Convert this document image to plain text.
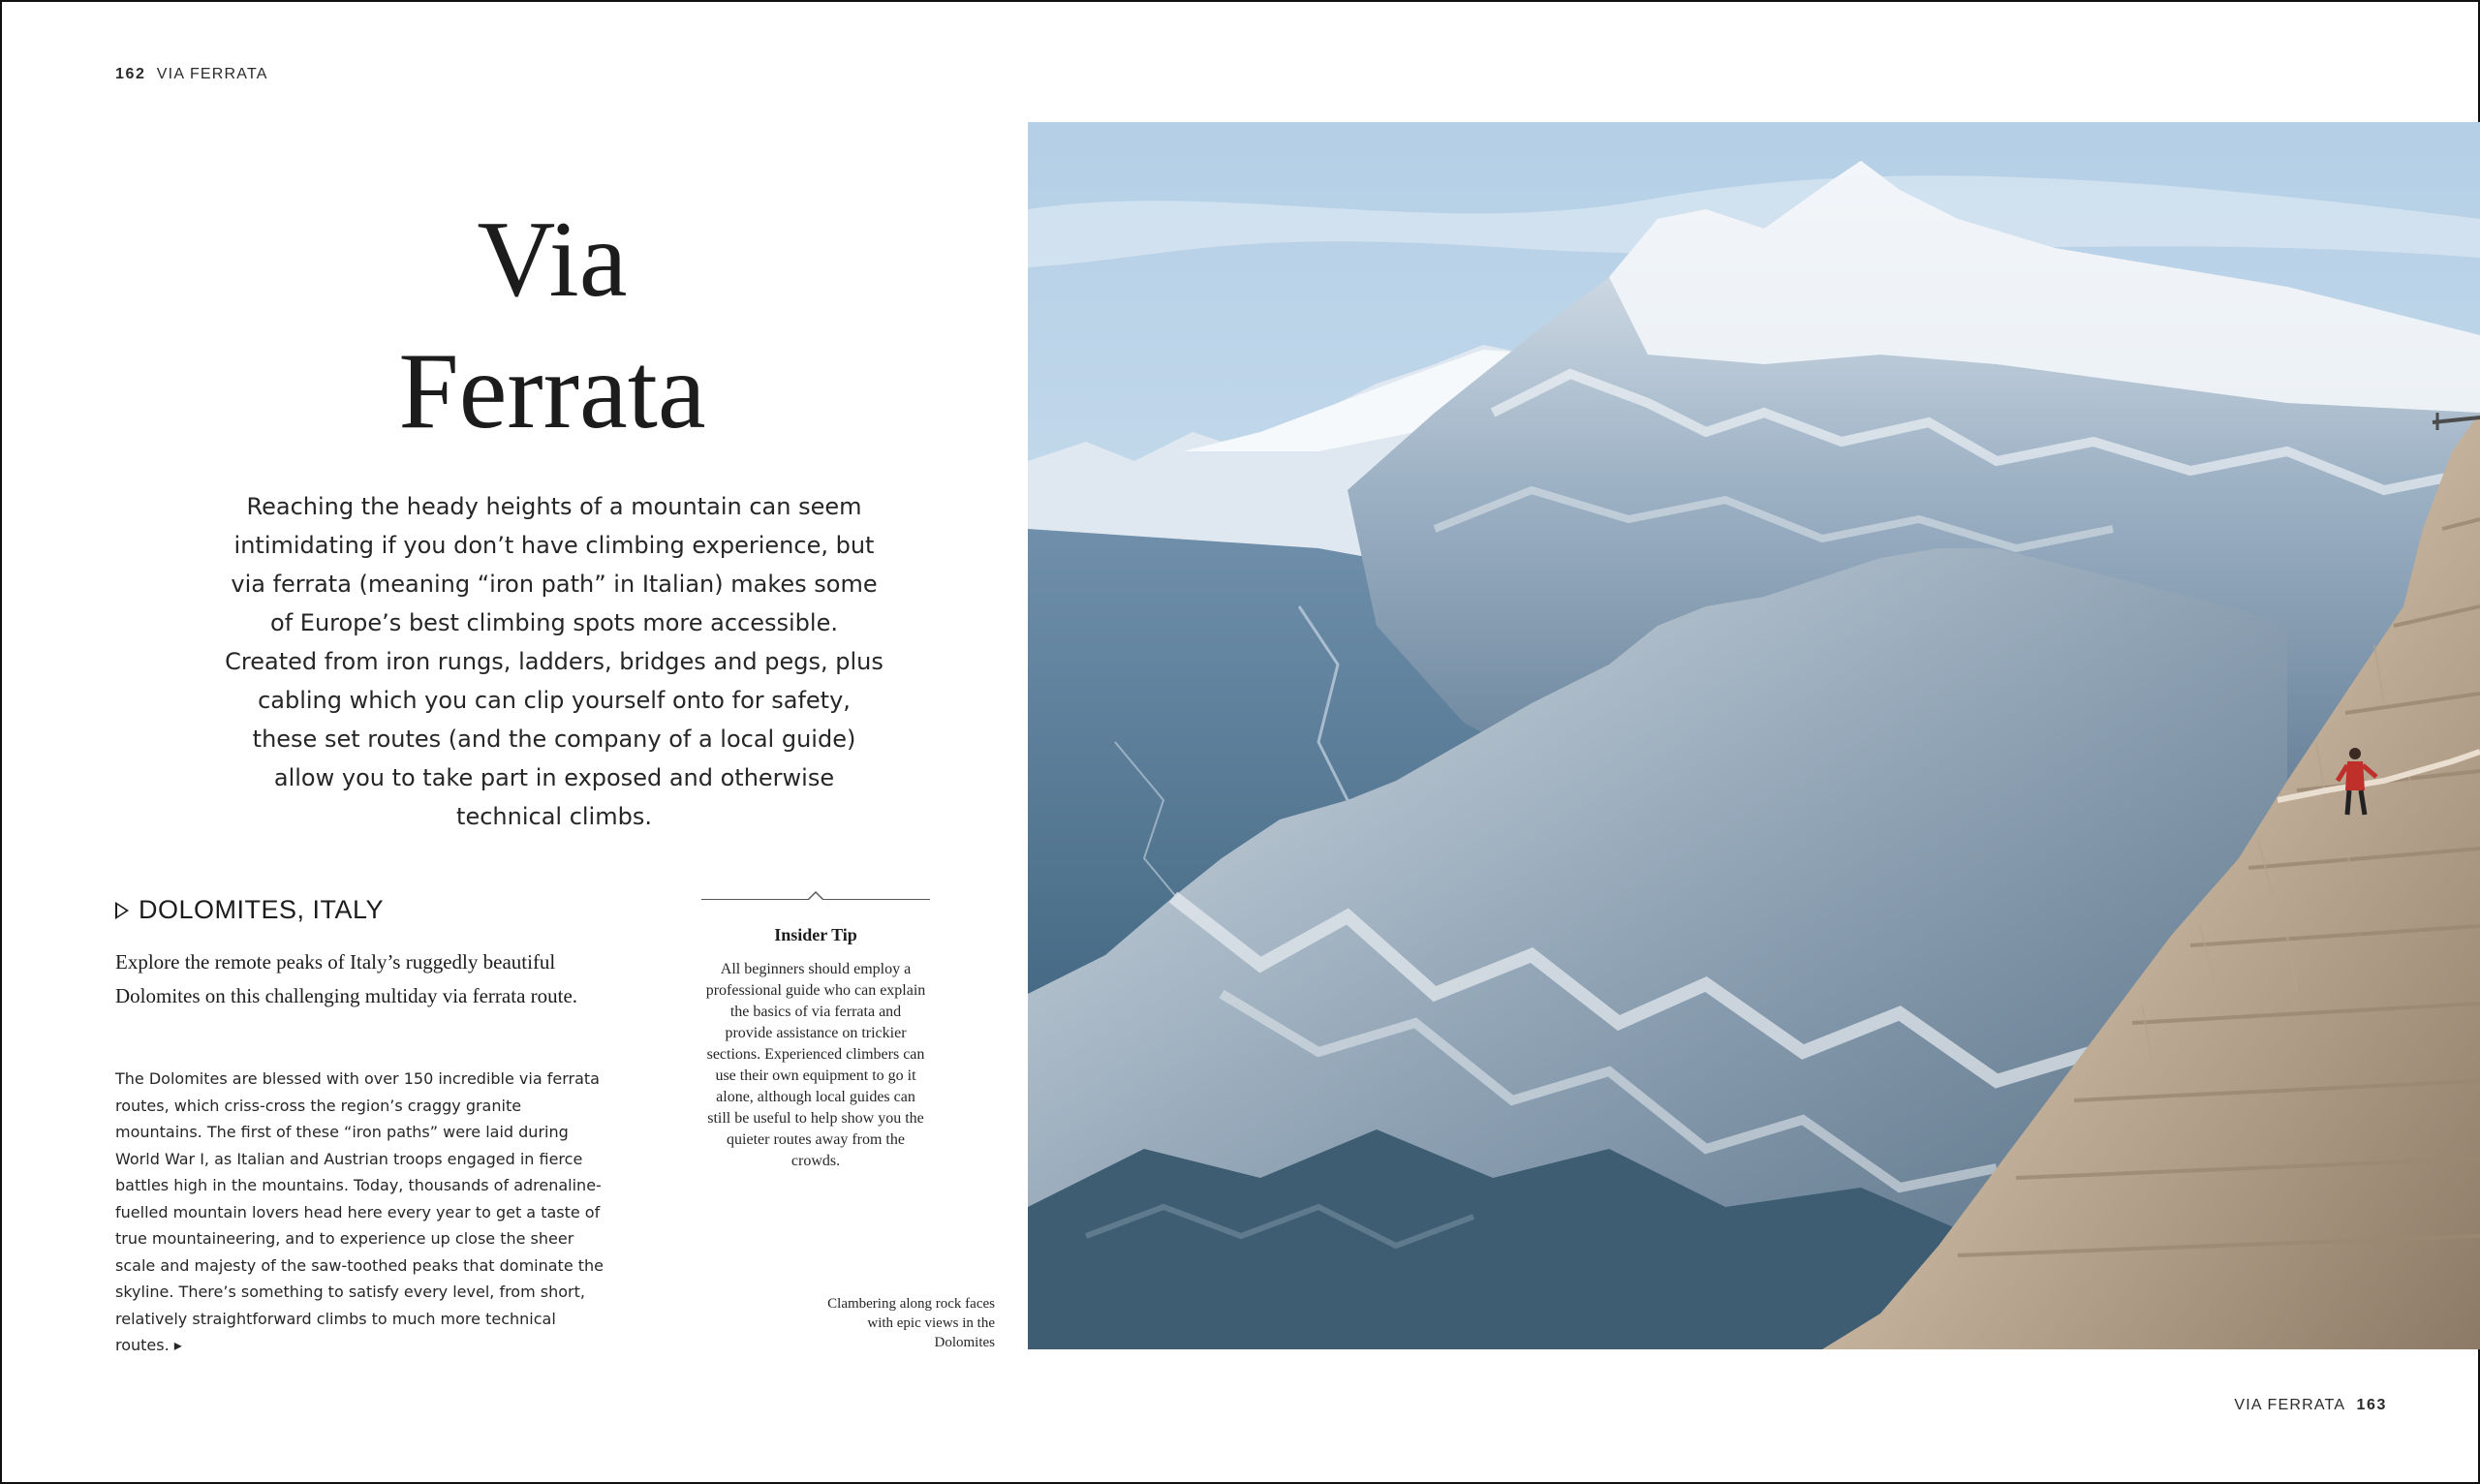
162 VIA FERRATA
Via
Ferrata

Reaching the heady heights of a mountain can seem intimidating if you don’t have climbing experience, but via ferrata (meaning “iron path” in Italian) makes some of Europe’s best climbing spots more accessible. Created from iron rungs, ladders, bridges and pegs, plus cabling which you can clip yourself onto for safety, these set routes (and the company of a local guide) allow you to take part in exposed and otherwise technical climbs.

DOLOMITES, ITALY

Explore the remote peaks of Italy’s ruggedly beautiful Dolomites on this challenging multiday via ferrata route.

The Dolomites are blessed with over 150 incredible via ferrata routes, which criss-cross the region’s craggy granite mountains. The first of these “iron paths” were laid during World War I, as Italian and Austrian troops engaged in fierce battles high in the mountains. Today, thousands of adrenaline-fuelled mountain lovers head here every year to get a taste of true mountaineering, and to experience up close the sheer scale and majesty of the saw-toothed peaks that dominate the skyline. There’s something to satisfy every level, from short, relatively straightforward climbs to much more technical routes. ▸

Insider Tip

All beginners should employ a professional guide who can explain the basics of via ferrata and provide assistance on trickier sections. Experienced climbers can use their own equipment to go it alone, although local guides can still be useful to help show you the quieter routes away from the crowds.

Clambering along rock faces with epic views in the Dolomites

VIA FERRATA 163
